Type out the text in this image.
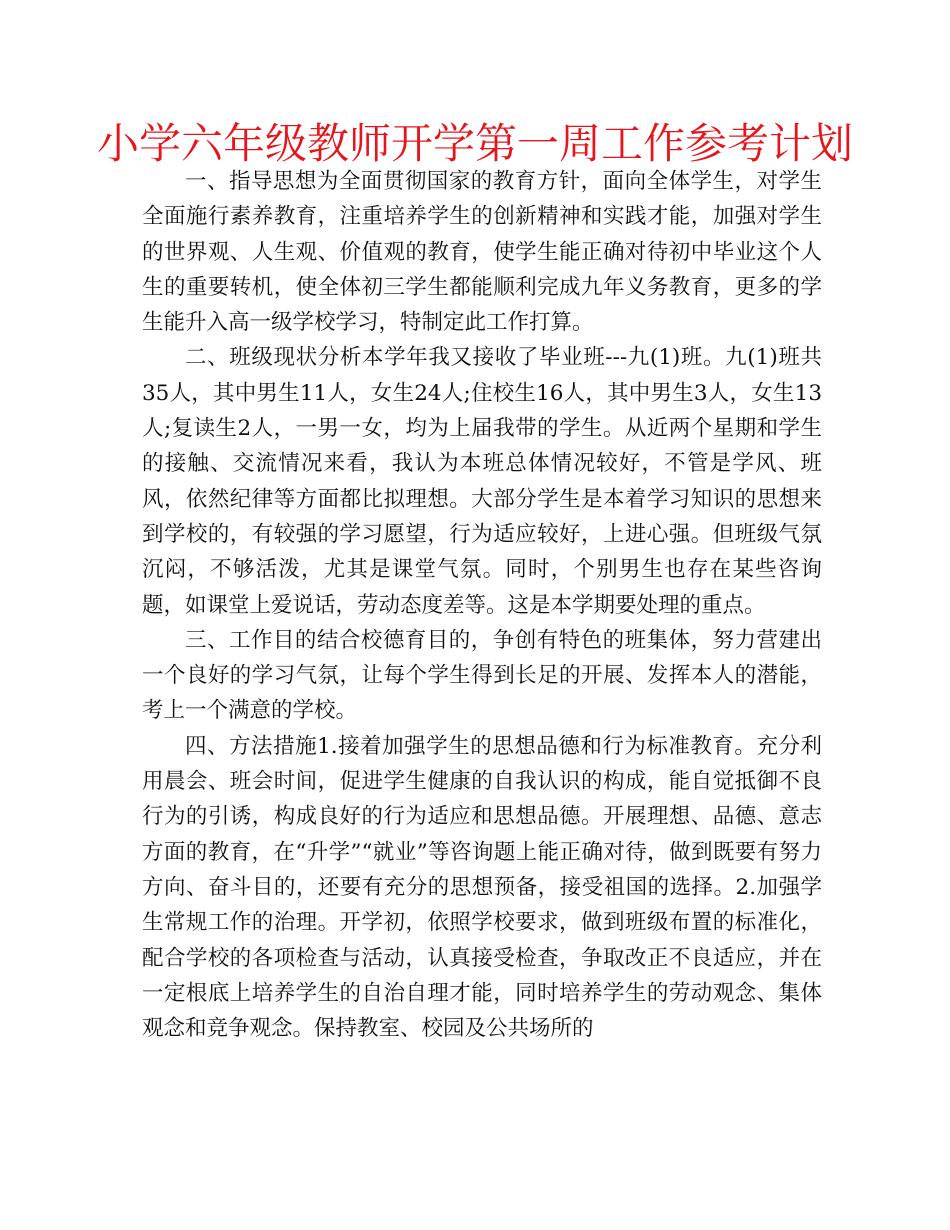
小学六年级教师开学第一周工作参考计划

一、指导思想为全面贯彻国家的教育方针，面向全体学生，对学生全面施行素养教育，注重培养学生的创新精神和实践才能，加强对学生的世界观、人生观、价值观的教育，使学生能正确对待初中毕业这个人生的重要转机，使全体初三学生都能顺利完成九年义务教育，更多的学生能升入高一级学校学习，特制定此工作打算。

二、班级现状分析本学年我又接收了毕业班---九(1)班。九(1)班共35人，其中男生11人，女生24人;住校生16人，其中男生3人，女生13人;复读生2人，一男一女，均为上届我带的学生。从近两个星期和学生的接触、交流情况来看，我认为本班总体情况较好，不管是学风、班风，依然纪律等方面都比拟理想。大部分学生是本着学习知识的思想来到学校的，有较强的学习愿望，行为适应较好，上进心强。但班级气氛沉闷，不够活泼，尤其是课堂气氛。同时，个别男生也存在某些咨询题，如课堂上爱说话，劳动态度差等。这是本学期要处理的重点。

三、工作目的结合校德育目的，争创有特色的班集体，努力营建出一个良好的学习气氛，让每个学生得到长足的开展、发挥本人的潜能，考上一个满意的学校。

四、方法措施1.接着加强学生的思想品德和行为标准教育。充分利用晨会、班会时间，促进学生健康的自我认识的构成，能自觉抵御不良行为的引诱，构成良好的行为适应和思想品德。开展理想、品德、意志方面的教育，在“升学”“就业”等咨询题上能正确对待，做到既要有努力方向、奋斗目的，还要有充分的思想预备，接受祖国的选择。2.加强学生常规工作的治理。开学初，依照学校要求，做到班级布置的标准化，配合学校的各项检查与活动，认真接受检查，争取改正不良适应，并在一定根底上培养学生的自治自理才能，同时培养学生的劳动观念、集体观念和竞争观念。保持教室、校园及公共场所的
